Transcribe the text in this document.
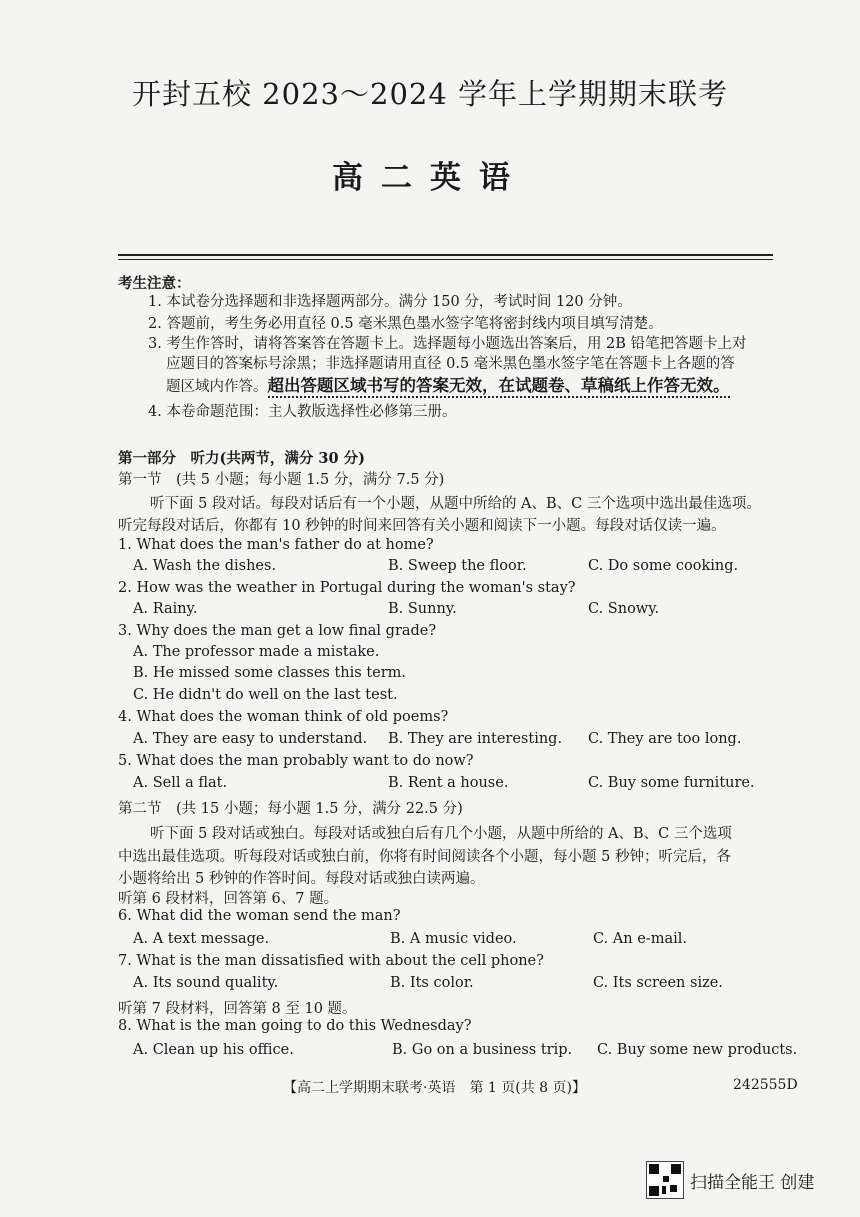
开封五校 2023～2024 学年上学期期末联考
高二英语
考生注意：
1. 本试卷分选择题和非选择题两部分。满分 150 分，考试时间 120 分钟。
2. 答题前，考生务必用直径 0.5 毫米黑色墨水签字笔将密封线内项目填写清楚。
3. 考生作答时，请将答案答在答题卡上。选择题每小题选出答案后，用 2B 铅笔把答题卡上对
应题目的答案标号涂黑；非选择题请用直径 0.5 毫米黑色墨水签字笔在答题卡上各题的答
题区域内作答。超出答题区域书写的答案无效，在试题卷、草稿纸上作答无效。
4. 本卷命题范围：主人教版选择性必修第三册。
第一部分　听力(共两节，满分 30 分)
第一节　(共 5 小题；每小题 1.5 分，满分 7.5 分)
听下面 5 段对话。每段对话后有一个小题，从题中所给的 A、B、C 三个选项中选出最佳选项。
听完每段对话后，你都有 10 秒钟的时间来回答有关小题和阅读下一小题。每段对话仅读一遍。
1. What does the man's father do at home?
A. Wash the dishes.	B. Sweep the floor.	C. Do some cooking.
2. How was the weather in Portugal during the woman's stay?
A. Rainy.	B. Sunny.	C. Snowy.
3. Why does the man get a low final grade?
A. The professor made a mistake.
B. He missed some classes this term.
C. He didn't do well on the last test.
4. What does the woman think of old poems?
A. They are easy to understand. B. They are interesting. C. They are too long.
5. What does the man probably want to do now?
A. Sell a flat.	B. Rent a house.	C. Buy some furniture.
第二节　(共 15 小题；每小题 1.5 分，满分 22.5 分)
听下面 5 段对话或独白。每段对话或独白后有几个小题，从题中所给的 A、B、C 三个选项
中选出最佳选项。听每段对话或独白前，你将有时间阅读各个小题，每小题 5 秒钟；听完后，各
小题将给出 5 秒钟的作答时间。每段对话或独白读两遍。
听第 6 段材料，回答第 6、7 题。
6. What did the woman send the man?
A. A text message.	B. A music video.	C. An e-mail.
7. What is the man dissatisfied with about the cell phone?
A. Its sound quality.	B. Its color.	C. Its screen size.
听第 7 段材料，回答第 8 至 10 题。
8. What is the man going to do this Wednesday?
A. Clean up his office.	B. Go on a business trip. C. Buy some new products.
【高二上学期期末联考·英语　第 1 页(共 8 页)】	242555D
扫描全能王 创建
